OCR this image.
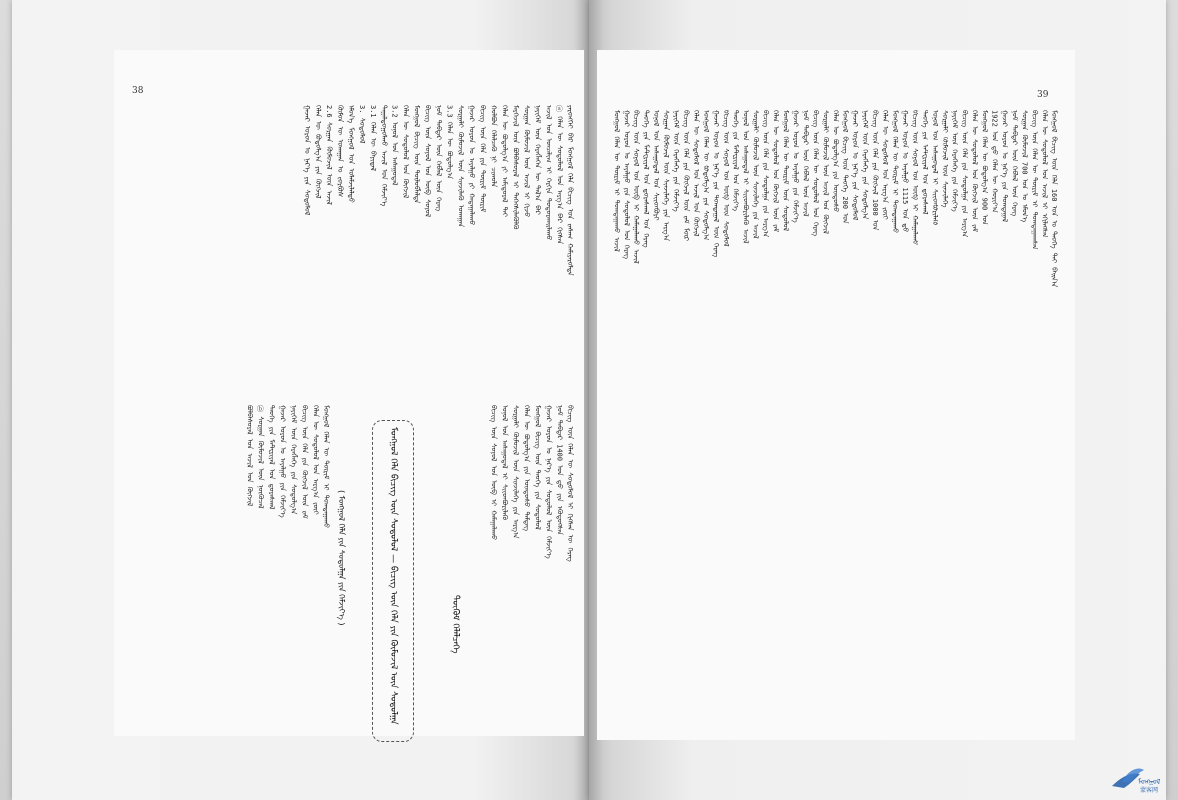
38
ᠶᠡᠷᠦᠩᠬᠡᠢ ᠪᠡᠷ ᠮᠣᠩᠭᠣᠯ ᠬᠡᠯᠡ ᠪᠢᠴᠢᠭ ᠤᠨ ᠵᠠᠰᠠᠭ ᠬᠠᠮᠢᠶᠠᠷᠤᠯᠲᠠ
ⓐ ᠬᠡᠯᠡᠨ ᠦ ᠰᠤᠳᠤᠯᠤᠯ ᠤᠨ ᠠᠷᠭ᠎ᠠ ᠪᠠᠷ ᠬᠢᠭᠰᠡᠨ
ᠠᠵᠢᠯ ᠤᠨ ᠣᠨᠴᠠᠯᠢᠭ ᠢ ᠬᠡᠷᠬᠢᠨ ᠲᠣᠳᠣᠷᠬᠠᠢᠯᠠᠬᠤ
ᠨᠡᠶᠢᠭᠡᠮ ᠦᠨ ᠬᠡᠷᠡᠭᠯᠡᠭᠡᠨ ᠦ ᠲᠠᠯ᠎ᠠ ᠪᠠᠷ
ᠰᠤᠷᠭᠠᠨ ᠬᠦᠮᠦᠵᠢᠯ ᠦᠨ ᠠᠵᠢᠯ ᠢ ᠬᠢᠵᠦ
ᠮᠡᠷᠭᠡᠵᠢᠯ ᠦᠨ ᠪᠣᠯᠪᠠᠰᠤᠷᠠᠯ ᠢ ᠳᠡᠭᠡᠭᠰᠢᠯᠡᠭᠦᠯᠬᠦ
ᠬᠡᠯᠡᠨ ᠦ ᠪᠣᠳᠣᠯᠭ᠎ᠠ ᠶᠢ ᠠᠮᠢᠳᠤᠷᠠᠯ ᠲᠠᠢ
ᠬᠣᠯᠪᠣᠨ ᠬᠡᠯᠡᠯᠴᠡᠬᠦ ᠨᠢ ᠴᠢᠬᠤᠯᠠ
ᠪᠢᠴᠢᠭ ᠦᠨ ᠬᠡᠯᠡ ᠶᠢᠨ ᠳᠦᠷᠢᠮ ᠳᠦᠷᠢᠮ
ᠭᠠᠵᠠᠷ ᠣᠷᠣᠨ ᠤ ᠠᠶᠠᠯᠭᠤ ᠶᠢ ᠬᠠᠳᠠᠭᠠᠯᠠᠬᠤ
ᠰᠤᠷᠭᠠᠯᠢ ᠬᠥᠮᠦᠵᠢᠯ ᠦᠨ ᠰᠢᠨᠵᠢᠯᠡᠬᠦ ᠤᠬᠠᠭᠠᠨ
3.3 ᠬᠡᠯᠡᠨ ᠦ ᠪᠣᠳᠣᠯᠭ᠎ᠠ
ᠨᠣᠮ ᠳᠡᠪᠲᠡᠷ ᠦᠨ ᠬᠡᠪᠯᠡᠯ ᠦᠨ ᠬᠡᠷᠡᠭ
ᠪᠢᠴᠢᠭ ᠦᠨ ᠰᠣᠶᠣᠯ ᠤᠨ ᠦᠪ ᠰᠣᠶᠣᠯ
ᠮᠣᠩᠭᠣᠯ ᠪᠢᠴᠢᠭ ᠦᠨ ᠲᠥᠯᠥᠪᠯᠡᠯᠲᠡ
ᠬᠡᠯᠡᠨ ᠦ ᠰᠤᠳᠤᠯᠤᠯ ᠤᠨ ᠬᠥᠭᠵᠢᠯ
3.2 ᠣᠨᠤᠯ ᠤᠨ ᠠᠰᠠᠭᠤᠳᠠᠯ
ᠳᠠᠭᠠᠯᠳᠤᠭᠤᠯᠬᠤ ᠠᠵᠢᠯ ᠤᠨ ᠬᠡᠮᠵᠢᠶ᠎ᠡ
3.1 ᠬᠡᠯᠡᠨ ᠦ ᠪᠠᠶᠢᠳᠠᠯ
3. ᠰᠤᠳᠤᠯᠤᠯ
ᠡᠮᠦᠨ᠎ᠡ ᠮᠣᠩᠭᠣᠯ ᠤᠨ ᠤᠯᠠᠮᠵᠢᠯᠠᠯᠲᠤ
ᠬᠥᠮᠦᠨ ᠦ ᠤᠬᠠᠭᠠᠨ ᠤ ᠵᠤᠷᠪᠤᠰ
2.6 ᠰᠤᠷᠭᠠᠨ ᠬᠦᠮᠦᠵᠢᠯ ᠦᠨ ᠠᠵᠢᠯ
ᠬᠡᠯᠡᠨ ᠦ ᠪᠣᠳᠣᠯᠭ᠎ᠠ ᠶᠢᠨ ᠬᠥᠭᠵᠢᠯ
ᠭᠠᠵᠠᠷ ᠣᠷᠣᠨ ᠤ ᠨᠡᠷ᠎ᠡ ᠶᠢᠨ ᠰᠤᠳᠤᠯᠤᠯ
ᠮᠣᠩᠭᠣᠯ ᠬᠡᠯᠡ ᠪᠢᠴᠢᠭ ᠦᠨ ᠰᠤᠳᠤᠯᠤᠯ — ᠪᠢᠴᠢᠭ ᠦᠨ ᠬᠡᠯᠡ ᠶᠢᠨ ᠬᠦᠮᠦᠵᠢᠯ ᠦᠨ ᠰᠤᠳᠤᠯᠭᠠ
( ᠮᠣᠩᠭᠣᠯ ᠬᠡᠯᠡ ᠶᠢᠨ ᠰᠤᠳᠤᠯᠭᠠ ᠶᠢᠨ ᠬᠡᠮᠵᠢᠶ᠎ᠡ )	ᠳᠦᠭᠦᠮ ᠬᠡᠯᠡᠯᠴᠡᠭᠡ
ᠪᠢᠴᠢᠭ ᠦᠨ ᠬᠡᠯᠡᠨ ᠦ ᠰᠤᠳᠤᠯᠤᠯ ᠢ ᠬᠢᠭᠰᠡᠨ ᠦ ᠬᠡᠷᠡᠭ
ᠨᠣᠮ ᠳᠡᠪᠲᠡᠷ 1400 ᠣᠨ ᠳ᠋ᠤ ᠶᠢᠨ ᠡᠭᠦᠳᠦᠭᠰᠡᠨ
ᠭᠠᠵᠠᠷ ᠣᠷᠣᠨ ᠤ ᠨᠡᠷ᠎ᠡ ᠶᠢᠨ ᠰᠤᠳᠤᠯᠤᠯ ᠦᠨ ᠬᠡᠮᠵᠢᠶ᠎ᠡ
ᠮᠣᠩᠭᠣᠯ ᠪᠢᠴᠢᠭ ᠦᠨ ᠲᠡᠦᠬᠡ ᠶᠢᠨ ᠰᠤᠳᠤᠯᠤᠯ
ᠬᠡᠯᠡᠨ ᠦ ᠪᠣᠳᠣᠯᠭ᠎ᠠ ᠶᠢᠨ ᠦᠨᠳᠦᠰᠦ ᠲᠡᠮᠳᠡᠭ
ᠰᠤᠷᠭᠠᠯᠢ ᠬᠥᠮᠦᠵᠢᠯ ᠦᠨ ᠰᠢᠨᠵᠢᠯᠡᠭᠡ ᠶᠢᠨ ᠠᠷᠭ᠎ᠠ
ᠣᠨᠤᠯ ᠤᠨ ᠠᠰᠠᠭᠤᠳᠠᠯ ᠢ ᠰᠢᠢᠳᠪᠦᠷᠢᠯᠡᠬᠦ
ᠪᠢᠴᠢᠭ ᠦᠨ ᠰᠣᠶᠣᠯ ᠤᠨ ᠥᠪ ᠢ ᠬᠠᠮᠠᠭᠠᠯᠠᠬᠤ
ᠮᠣᠩᠭᠣᠯ ᠬᠡᠯᠡᠨ ᠦ ᠳᠦᠷᠢᠮ ᠢ ᠲᠣᠭᠲᠠᠭᠠᠬᠤ
ᠬᠡᠯᠡᠨ ᠦ ᠰᠤᠳᠤᠯᠤᠯ ᠤᠨ ᠠᠷᠭ᠎ᠠ ᠵᠦᠢ
ᠪᠢᠴᠢᠭ ᠦᠨ ᠬᠡᠯᠡ ᠶᠢᠨ ᠬᠥᠭᠵᠢᠯ ᠦᠨ ᠵᠠᠮ
ᠨᠡᠶᠢᠭᠡᠮ ᠦᠨ ᠬᠡᠷᠡᠭᠯᠡᠭᠡ ᠶᠢᠨ ᠰᠤᠳᠤᠯᠭ᠎ᠠ
ᠭᠠᠵᠠᠷ ᠣᠷᠣᠨ ᠤ ᠠᠶᠠᠯᠭᠤ ᠶᠢᠨ ᠬᠡᠮᠵᠢᠶ᠎ᠡ
ᠲᠡᠦᠬᠡ ᠶᠢᠨ ᠮᠠᠲ᠋ᠧᠷᠢᠶᠠᠯ ᠤᠨ ᠳ᠋ᠤᠷᠠᠰᠬᠠᠯ
ⓑ ᠰᠤᠷᠭᠠᠨ ᠬᠦᠮᠦᠵᠢᠯ ᠦᠨ ᠨᠥᠬᠦᠴᠡᠯ
ᠪᠣᠯᠪᠠᠰᠤᠷᠠᠯ ᠤᠨ ᠠᠵᠢᠯ ᠤᠨ ᠬᠥᠭᠵᠢᠯ
39
ᠮᠣᠩᠭᠣᠯ ᠪᠢᠴᠢᠭ ᠦᠨ ᠬᠡᠯᠡ 160 ᠣᠨ ᠤ ᠲᠡᠦᠬᠡ ᠲᠠᠢ ᠪᠠᠢᠨ᠎ᠠ
ᠬᠡᠯᠡᠨ ᠦ ᠰᠤᠳᠤᠯᠤᠯ ᠤᠨ ᠠᠵᠢᠯ ᠢ ᠡᠬᠢᠯᠡᠭᠰᠡᠨ
ᠪᠢᠴᠢᠭ ᠦᠨ ᠬᠡᠯᠡᠨ ᠦ ᠳᠦᠷᠢᠮ ᠢ ᠲᠣᠭᠲᠠᠭᠠᠭᠰᠠᠨ
ᠰᠤᠷᠭᠠᠨ ᠬᠦᠮᠦᠵᠢᠯ 700 ᠣᠨ ᠤ ᠡᠮᠦᠨ᠎ᠡ
ᠨᠣᠮ ᠳᠡᠪᠲᠡᠷ ᠦᠨ ᠬᠡᠪᠯᠡᠯ ᠦᠨ ᠬᠡᠷᠡᠭ
ᠭᠠᠵᠠᠷ ᠣᠷᠣᠨ ᠤ ᠨᠡᠷ᠎ᠡ ᠶᠢᠨ ᠲᠣᠭᠲᠠᠭᠠᠯ
1922 ᠣᠨ ᠳ᠋ᠤ ᠬᠡᠯᠡᠨ ᠦ ᠬᠣᠷᠢᠶ᠎ᠠ
ᠮᠣᠩᠭᠣᠯ ᠬᠡᠯᠡᠨ ᠦ ᠪᠣᠳᠣᠯᠭ᠎ᠠ 900 ᠣᠨ
ᠬᠡᠯᠡᠨ ᠦ ᠰᠤᠳᠤᠯᠤᠯ ᠤᠨ ᠬᠥᠭᠵᠢᠯ ᠦᠨ ᠵᠠᠮ
ᠪᠢᠴᠢᠭ ᠦᠨ ᠬᠡᠯᠡ ᠶᠢᠨ ᠰᠤᠳᠤᠯᠭᠠ ᠶᠢᠨ ᠠᠷᠭ᠎ᠠ
ᠨᠡᠶᠢᠭᠡᠮ ᠦᠨ ᠬᠡᠷᠡᠭᠯᠡᠭᠡ ᠶᠢᠨ ᠬᠡᠮᠵᠢᠶ᠎ᠡ
ᠰᠤᠷᠭᠠᠯᠢ ᠬᠥᠮᠦᠵᠢᠯ ᠦᠨ ᠰᠢᠨᠵᠢᠯᠡᠭᠡ
ᠣᠨᠤᠯ ᠤᠨ ᠠᠰᠠᠭᠤᠳᠠᠯ ᠢ ᠰᠢᠢᠳᠪᠦᠷᠢᠯᠡᠬᠦ
ᠲᠡᠦᠬᠡ ᠶᠢᠨ ᠮᠠᠲ᠋ᠧᠷᠢᠶᠠᠯ ᠤᠨ ᠳ᠋ᠤᠷᠠᠰᠬᠠᠯ
ᠪᠢᠴᠢᠭ ᠦᠨ ᠰᠣᠶᠣᠯ ᠤᠨ ᠥᠪ ᠢ ᠬᠠᠮᠠᠭᠠᠯᠠᠬᠤ
ᠭᠠᠵᠠᠷ ᠣᠷᠣᠨ ᠤ ᠠᠶᠠᠯᠭᠤ 1115 ᠣᠨ ᠳ᠋ᠤ
ᠮᠣᠩᠭᠣᠯ ᠬᠡᠯᠡᠨ ᠦ ᠳᠦᠷᠢᠮ ᠢ ᠲᠣᠭᠲᠠᠭᠠᠬᠤ
ᠬᠡᠯᠡᠨ ᠦ ᠰᠤᠳᠤᠯᠤᠯ ᠤᠨ ᠠᠷᠭ᠎ᠠ ᠵᠦᠢ
ᠪᠢᠴᠢᠭ ᠦᠨ ᠬᠡᠯᠡ ᠶᠢᠨ ᠬᠥᠭᠵᠢᠯ 1000 ᠣᠨ
ᠨᠡᠶᠢᠭᠡᠮ ᠦᠨ ᠬᠡᠷᠡᠭᠯᠡᠭᠡ ᠶᠢᠨ ᠰᠤᠳᠤᠯᠭ᠎ᠠ
ᠭᠠᠵᠠᠷ ᠣᠷᠣᠨ ᠤ ᠨᠡᠷ᠎ᠡ ᠶᠢᠨ ᠰᠤᠳᠤᠯᠤᠯ
ᠮᠣᠩᠭᠣᠯ ᠪᠢᠴᠢᠭ ᠦᠨ ᠲᠡᠦᠬᠡ 200 ᠣᠨ
ᠬᠡᠯᠡᠨ ᠦ ᠪᠣᠳᠣᠯᠭ᠎ᠠ ᠶᠢᠨ ᠦᠨᠳᠦᠰᠦ
ᠰᠤᠷᠭᠠᠯᠢ ᠬᠥᠮᠦᠵᠢᠯ ᠦᠨ ᠠᠵᠢᠯ ᠤᠨ ᠬᠥᠭᠵᠢᠯ
ᠪᠢᠴᠢᠭ ᠦᠨ ᠬᠡᠯᠡᠨ ᠦ ᠰᠤᠳᠤᠯᠤᠯ ᠤᠨ ᠬᠡᠷᠡᠭ
ᠨᠣᠮ ᠳᠡᠪᠲᠡᠷ ᠦᠨ ᠬᠡᠪᠯᠡᠯ ᠦᠨ ᠠᠵᠢᠯ
ᠭᠠᠵᠠᠷ ᠣᠷᠣᠨ ᠤ ᠠᠶᠠᠯᠭᠤ ᠶᠢᠨ ᠬᠡᠮᠵᠢᠶ᠎ᠡ
ᠮᠣᠩᠭᠣᠯ ᠬᠡᠯᠡᠨ ᠦ ᠳᠦᠷᠢᠮ ᠦᠨ ᠰᠤᠳᠤᠯᠤᠯ
ᠬᠡᠯᠡᠨ ᠦ ᠰᠤᠳᠤᠯᠤᠯ ᠤᠨ ᠬᠥᠭᠵᠢᠯ ᠦᠨ ᠵᠠᠮ
ᠪᠢᠴᠢᠭ ᠦᠨ ᠬᠡᠯᠡ ᠶᠢᠨ ᠰᠤᠳᠤᠯᠭᠠ ᠶᠢᠨ ᠠᠷᠭ᠎ᠠ
ᠰᠤᠷᠭᠠᠯᠢ ᠬᠥᠮᠦᠵᠢᠯ ᠦᠨ ᠰᠢᠨᠵᠢᠯᠡᠭᠡ ᠶᠢᠨ ᠠᠵᠢᠯ
ᠣᠨᠤᠯ ᠤᠨ ᠠᠰᠠᠭᠤᠳᠠᠯ ᠢ ᠰᠢᠢᠳᠪᠦᠷᠢᠯᠡᠬᠦ ᠠᠵᠢᠯ
ᠲᠡᠦᠬᠡ ᠶᠢᠨ ᠮᠠᠲ᠋ᠧᠷᠢᠶᠠᠯ ᠤᠨ ᠬᠡᠮᠵᠢᠶ᠎ᠡ
ᠪᠢᠴᠢᠭ ᠦᠨ ᠰᠣᠶᠣᠯ ᠤᠨ ᠥᠪ ᠦᠨ ᠰᠤᠳᠤᠯᠤᠯ
ᠭᠠᠵᠠᠷ ᠣᠷᠣᠨ ᠤ ᠨᠡᠷ᠎ᠡ ᠶᠢᠨ ᠲᠣᠭᠲᠠᠭᠠᠯ ᠦᠨ ᠬᠡᠷᠡᠭ
ᠮᠣᠩᠭᠣᠯ ᠬᠡᠯᠡᠨ ᠦ ᠪᠣᠳᠣᠯᠭ᠎ᠠ ᠶᠢᠨ ᠰᠤᠳᠤᠯᠭ᠎ᠠ
ᠬᠡᠯᠡᠨ ᠦ ᠰᠤᠳᠤᠯᠤᠯ ᠤᠨ ᠠᠵᠢᠯ ᠤᠨ ᠬᠥᠭᠵᠢᠯ
ᠪᠢᠴᠢᠭ ᠦᠨ ᠬᠡᠯᠡ ᠶᠢᠨ ᠬᠥᠭᠵᠢᠯ ᠦᠨ ᠵᠠᠮ ᠮᠦᠷ
ᠨᠡᠶᠢᠭᠡᠮ ᠦᠨ ᠬᠡᠷᠡᠭᠯᠡᠭᠡ ᠶᠢᠨ ᠬᠡᠮᠵᠢᠶ᠎ᠡ
ᠰᠤᠷᠭᠠᠨ ᠬᠦᠮᠦᠵᠢᠯ ᠦᠨ ᠰᠢᠨᠵᠢᠯᠡᠭᠡ ᠶᠢᠨ ᠠᠷᠭ᠎ᠠ
ᠣᠨᠤᠯ ᠤᠨ ᠠᠰᠠᠭᠤᠳᠠᠯ ᠤᠨ ᠰᠢᠢᠳᠪᠦᠷᠢ
ᠲᠡᠦᠬᠡ ᠶᠢᠨ ᠮᠠᠲ᠋ᠧᠷᠢᠶᠠᠯ ᠤᠨ ᠳ᠋ᠤᠷᠠᠰᠬᠠᠯ ᠤᠨ ᠬᠡᠷᠡᠭ
ᠪᠢᠴᠢᠭ ᠦᠨ ᠰᠣᠶᠣᠯ ᠤᠨ ᠥᠪ ᠢ ᠬᠠᠮᠠᠭᠠᠯᠠᠬᠤ ᠠᠵᠢᠯ
ᠭᠠᠵᠠᠷ ᠣᠷᠣᠨ ᠤ ᠠᠶᠠᠯᠭᠤ ᠶᠢᠨ ᠰᠤᠳᠤᠯᠤᠯ ᠤᠨ ᠬᠡᠷᠡᠭ
ᠮᠣᠩᠭᠣᠯ ᠬᠡᠯᠡᠨ ᠦ ᠳᠦᠷᠢᠮ ᠢ ᠲᠣᠭᠲᠠᠭᠠᠬᠤ ᠠᠵᠢᠯ
ᠮᠣᠩᠭᠣᠯ
蒙客网
